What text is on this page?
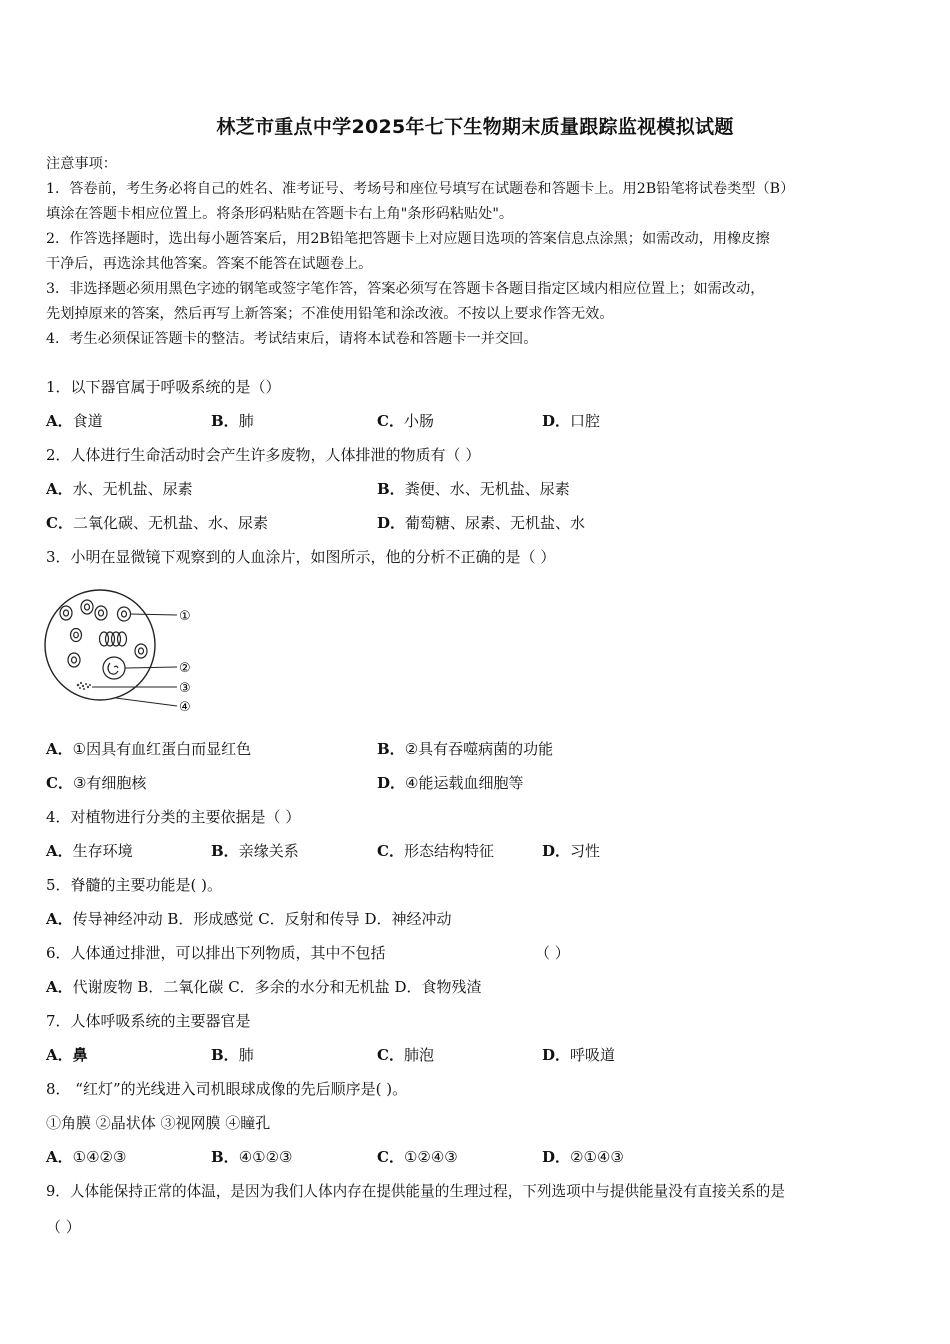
林芝市重点中学2025年七下生物期末质量跟踪监视模拟试题
注意事项：
1．答卷前，考生务必将自己的姓名、准考证号、考场号和座位号填写在试题卷和答题卡上。用2B铅笔将试卷类型（B）
填涂在答题卡相应位置上。将条形码粘贴在答题卡右上角"条形码粘贴处"。
2．作答选择题时，选出每小题答案后，用2B铅笔把答题卡上对应题目选项的答案信息点涂黑；如需改动，用橡皮擦
干净后，再选涂其他答案。答案不能答在试题卷上。
3．非选择题必须用黑色字迹的钢笔或签字笔作答，答案必须写在答题卡各题目指定区域内相应位置上；如需改动，
先划掉原来的答案，然后再写上新答案；不准使用铅笔和涂改液。不按以上要求作答无效。
4．考生必须保证答题卡的整洁。考试结束后，请将本试卷和答题卡一并交回。
1．以下器官属于呼吸系统的是（）
A．食道	B．肺	C．小肠	D．口腔
2．人体进行生命活动时会产生许多废物，人体排泄的物质有（ ）
A．水、无机盐、尿素	B．粪便、水、无机盐、尿素
C．二氧化碳、无机盐、水、尿素	D．葡萄糖、尿素、无机盐、水
3．小明在显微镜下观察到的人血涂片，如图所示，他的分析不正确的是（ ）
①
②
③
④
A．①因具有血红蛋白而显红色	B．②具有吞噬病菌的功能
C．③有细胞核	D．④能运载血细胞等
4．对植物进行分类的主要依据是（ ）
A．生存环境	B．亲缘关系	C．形态结构特征	D．习性
5．脊髓的主要功能是( )。
A．传导神经冲动 B．形成感觉 C．反射和传导 D．神经冲动
6．人体通过排泄，可以排出下列物质，其中不包括	（ ）
A．代谢废物 B．二氧化碳 C．多余的水分和无机盐 D．食物残渣
7．人体呼吸系统的主要器官是
A．鼻	B．肺	C．肺泡	D．呼吸道
8． “红灯”的光线进入司机眼球成像的先后顺序是( )。
①角膜 ②晶状体 ③视网膜 ④瞳孔
A．①④②③	B．④①②③	C．①②④③	D．②①④③
9．人体能保持正常的体温，是因为我们人体内存在提供能量的生理过程，下列选项中与提供能量没有直接关系的是
（ ）
